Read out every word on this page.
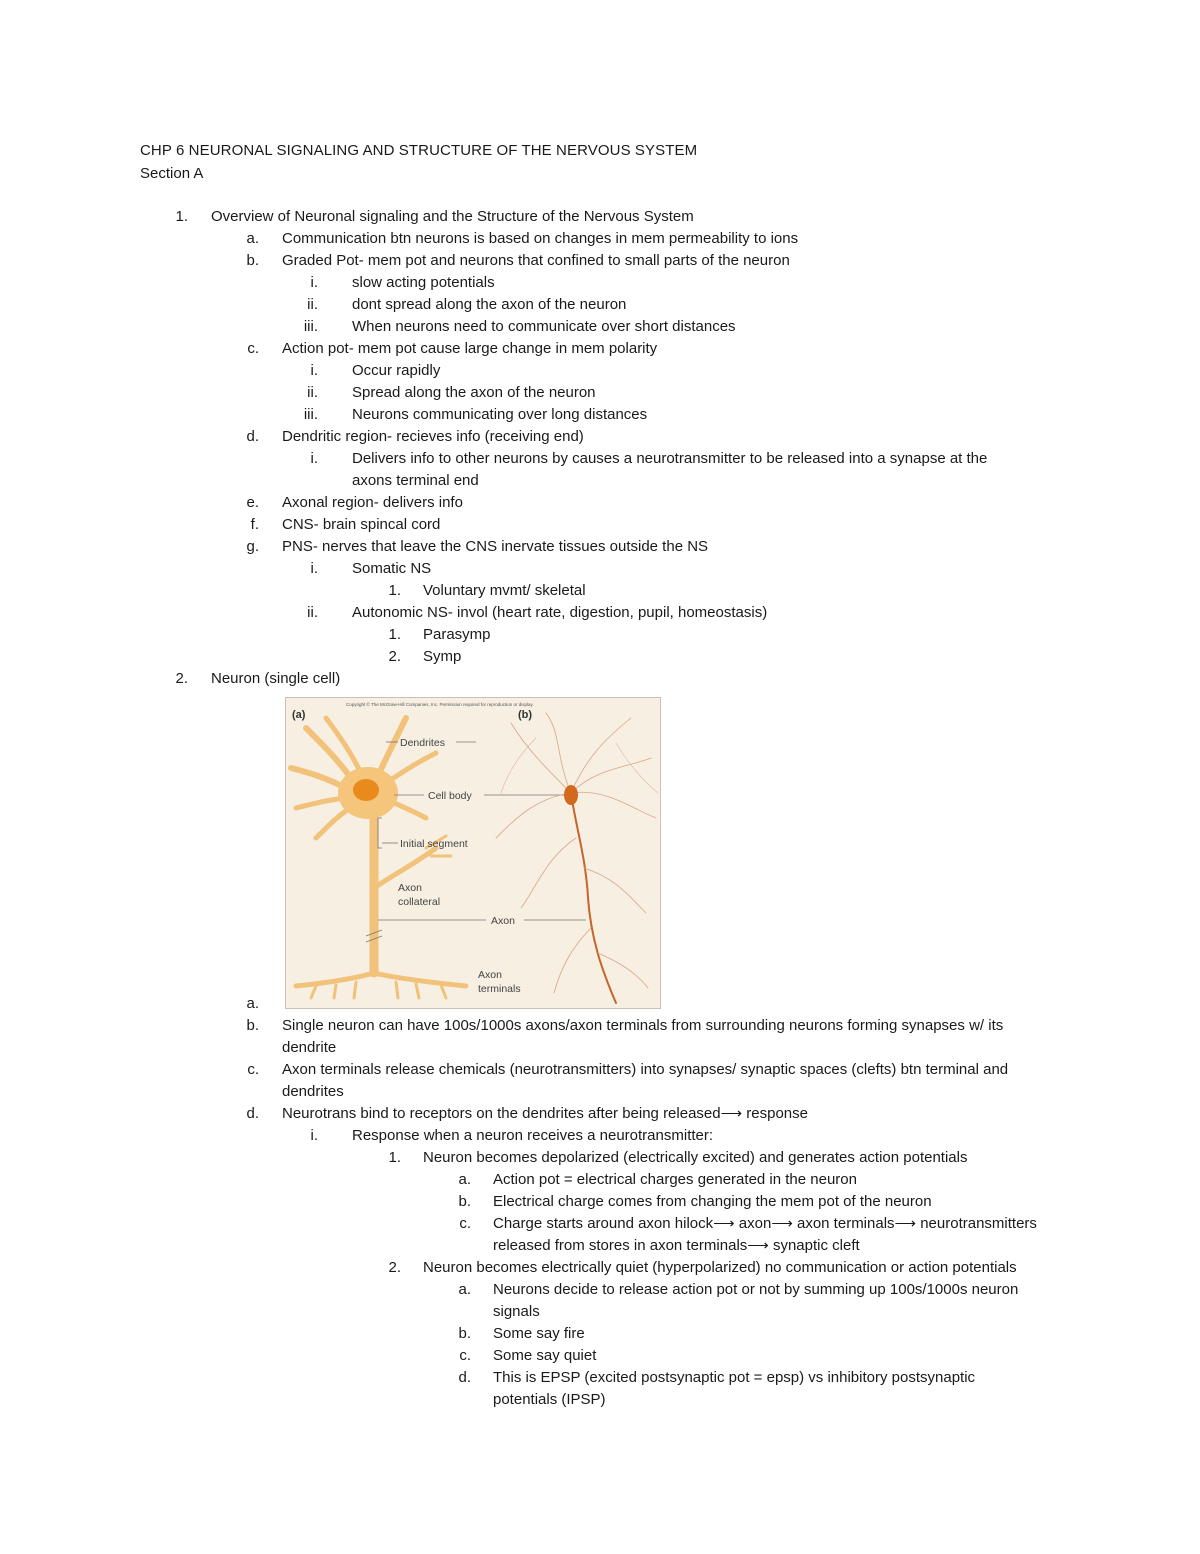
CHP 6 NEURONAL SIGNALING AND STRUCTURE OF THE NERVOUS SYSTEM
Section A
1. Overview of Neuronal signaling and the Structure of the Nervous System
a. Communication btn neurons is based on changes in mem permeability to ions
b. Graded Pot- mem pot and neurons that confined to small parts of the neuron
i. slow acting potentials
ii. dont spread along the axon of the neuron
iii. When neurons need to communicate over short distances
c. Action pot- mem pot cause large change in mem polarity
i. Occur rapidly
ii. Spread along the axon of the neuron
iii. Neurons communicating over long distances
d. Dendritic region- recieves info (receiving end)
i. Delivers info to other neurons by causes a neurotransmitter to be released into a synapse at the
axons terminal end
e. Axonal region- delivers info
f. CNS- brain spincal cord
g. PNS- nerves that leave the CNS inervate tissues outside the NS
i. Somatic NS
1. Voluntary mvmt/ skeletal
ii. Autonomic NS- invol (heart rate, digestion, pupil, homeostasis)
1. Parasymp
2. Symp
2. Neuron (single cell)
Copyright © The McGraw-Hill Companies, Inc. Permission required for reproduction or display.
(a)	(b)
Dendrites
Cell body
Initial segment
Axon
collateral
Axon
Axon
terminals
a.
b. Single neuron can have 100s/1000s axons/axon terminals from surrounding neurons forming synapses w/ its
dendrite
c. Axon terminals release chemicals (neurotransmitters) into synapses/ synaptic spaces (clefts) btn terminal and
dendrites
d. Neurotrans bind to receptors on the dendrites after being released⟶ response
i. Response when a neuron receives a neurotransmitter:
1. Neuron becomes depolarized (electrically excited) and generates action potentials
a. Action pot = electrical charges generated in the neuron
b. Electrical charge comes from changing the mem pot of the neuron
c. Charge starts around axon hilock⟶ axon⟶ axon terminals⟶ neurotransmitters
released from stores in axon terminals⟶ synaptic cleft
2. Neuron becomes electrically quiet (hyperpolarized) no communication or action potentials
a. Neurons decide to release action pot or not by summing up 100s/1000s neuron
signals
b. Some say fire
c. Some say quiet
d. This is EPSP (excited postsynaptic pot = epsp) vs inhibitory postsynaptic
potentials (IPSP)
